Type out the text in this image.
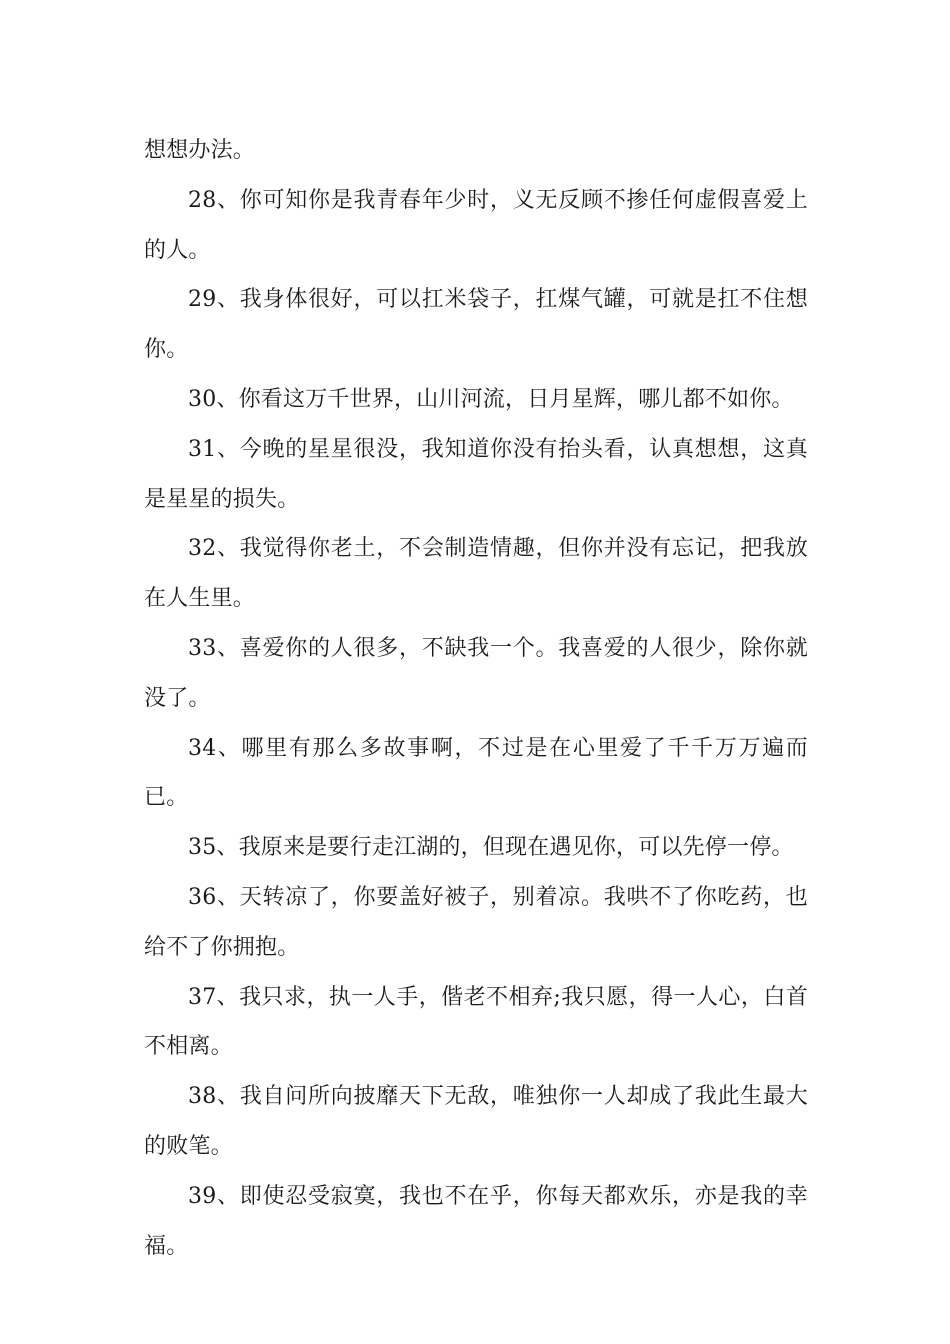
想想办法。

28、你可知你是我青春年少时，义无反顾不掺任何虚假喜爱上的人。

29、我身体很好，可以扛米袋子，扛煤气罐，可就是扛不住想你。

30、你看这万千世界，山川河流，日月星辉，哪儿都不如你。

31、今晚的星星很没，我知道你没有抬头看，认真想想，这真是星星的损失。

32、我觉得你老土，不会制造情趣，但你并没有忘记，把我放在人生里。

33、喜爱你的人很多，不缺我一个。我喜爱的人很少，除你就没了。

34、哪里有那么多故事啊，不过是在心里爱了千千万万遍而已。

35、我原来是要行走江湖的，但现在遇见你，可以先停一停。

36、天转凉了，你要盖好被子，别着凉。我哄不了你吃药，也给不了你拥抱。

37、我只求，执一人手，偕老不相弃;我只愿，得一人心，白首不相离。

38、我自问所向披靡天下无敌，唯独你一人却成了我此生最大的败笔。

39、即使忍受寂寞，我也不在乎，你每天都欢乐，亦是我的幸福。
